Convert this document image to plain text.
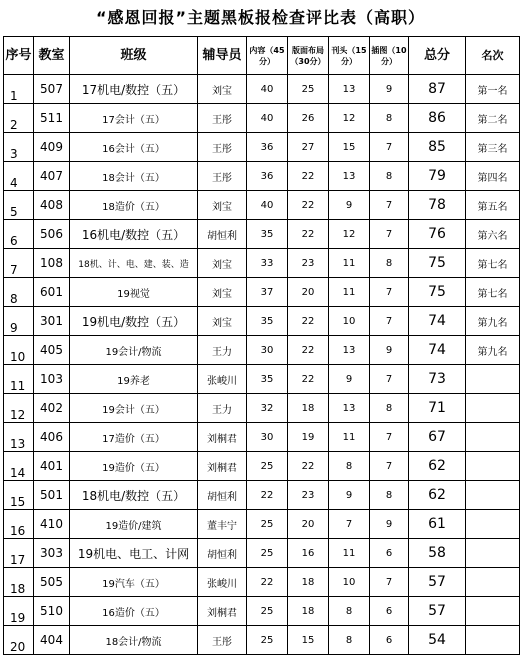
“感恩回报”主题黑板报检查评比表（高职）
序号	教室	班级	辅导员	内容（45分）	版面布局（30分）	刊头（15分）	插图（10分）	总分	名次
1	507	17机电/数控（五）	刘宝	40	25	13	9	87	第一名
2	511	17会计（五）	王彤	40	26	12	8	86	第二名
3	409	16会计（五）	王彤	36	27	15	7	85	第三名
4	407	18会计（五）	王彤	36	22	13	8	79	第四名
5	408	18造价（五）	刘宝	40	22	9	7	78	第五名
6	506	16机电/数控（五）	胡恒利	35	22	12	7	76	第六名
7	108	18机、计、电、建、装、造	刘宝	33	23	11	8	75	第七名
8	601	19视觉	刘宝	37	20	11	7	75	第七名
9	301	19机电/数控（五）	刘宝	35	22	10	7	74	第九名
10	405	19会计/物流	王力	30	22	13	9	74	第九名
11	103	19养老	张峻川	35	22	9	7	73	
12	402	19会计（五）	王力	32	18	13	8	71	
13	406	17造价（五）	刘桐君	30	19	11	7	67	
14	401	19造价（五）	刘桐君	25	22	8	7	62	
15	501	18机电/数控（五）	胡恒利	22	23	9	8	62	
16	410	19造价/建筑	董丰宁	25	20	7	9	61	
17	303	19机电、电工、计网	胡恒利	25	16	11	6	58	
18	505	19汽车（五）	张峻川	22	18	10	7	57	
19	510	16造价（五）	刘桐君	25	18	8	6	57	
20	404	18会计/物流	王彤	25	15	8	6	54	
